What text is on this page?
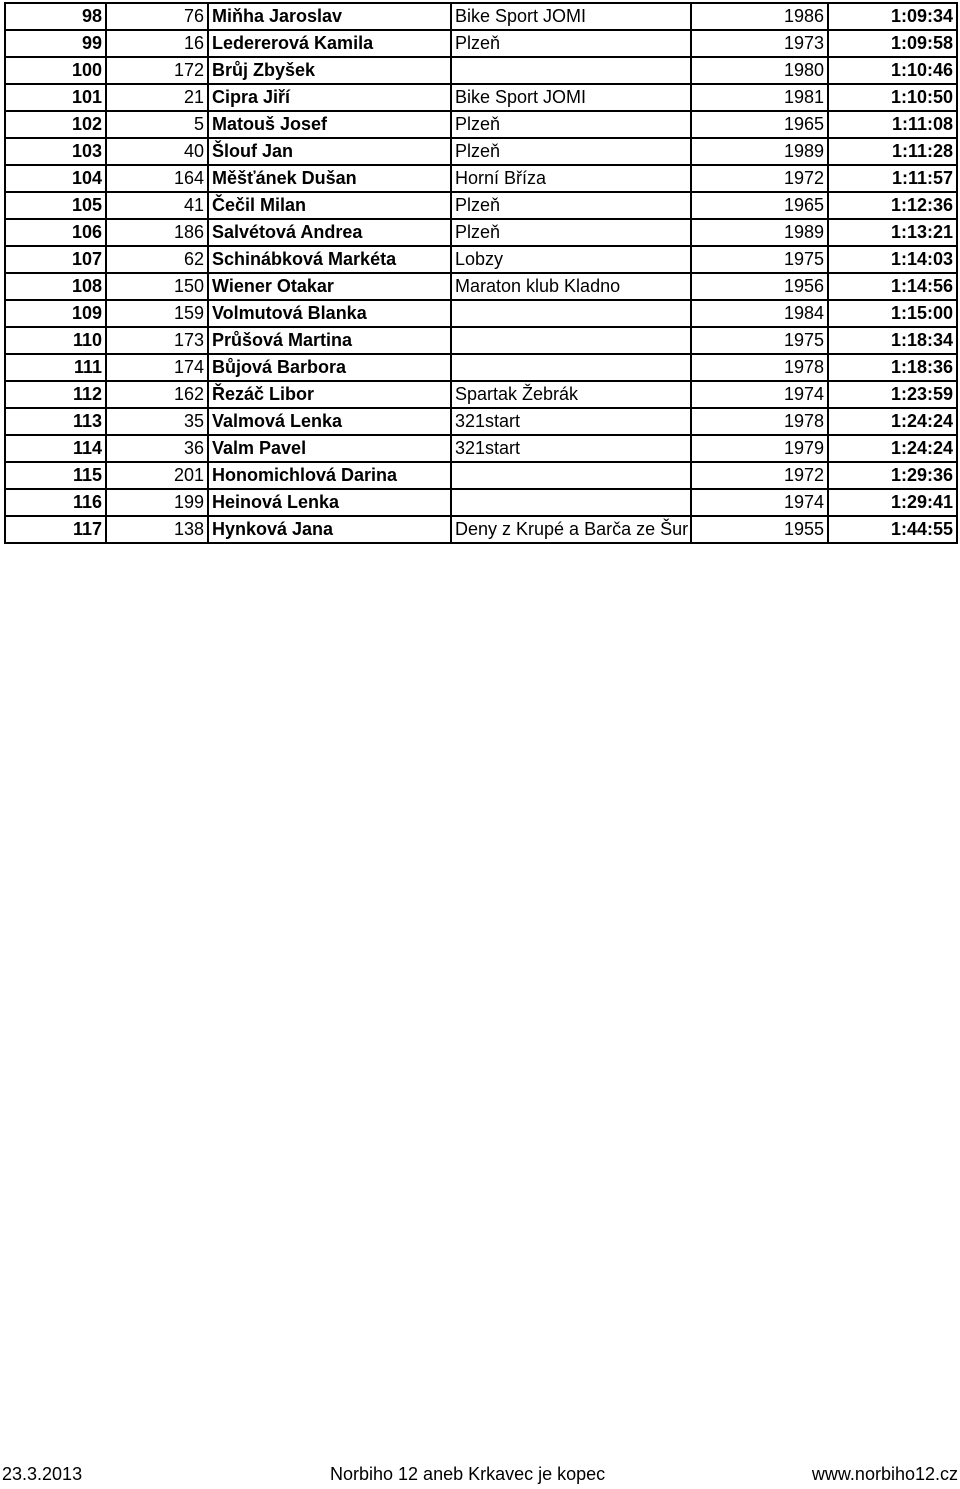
98	76	Miňha Jaroslav	Bike Sport JOMI	1986	1:09:34
99	16	Ledererová Kamila	Plzeň	1973	1:09:58
100	172	Brůj Zbyšek		1980	1:10:46
101	21	Cipra Jiří	Bike Sport JOMI	1981	1:10:50
102	5	Matouš Josef	Plzeň	1965	1:11:08
103	40	Šlouf Jan	Plzeň	1989	1:11:28
104	164	Měšťánek Dušan	Horní Bříza	1972	1:11:57
105	41	Čečil Milan	Plzeň	1965	1:12:36
106	186	Salvétová Andrea	Plzeň	1989	1:13:21
107	62	Schinábková Markéta	Lobzy	1975	1:14:03
108	150	Wiener Otakar	Maraton klub Kladno	1956	1:14:56
109	159	Volmutová Blanka		1984	1:15:00
110	173	Průšová Martina		1975	1:18:34
111	174	Bůjová Barbora		1978	1:18:36
112	162	Řezáč Libor	Spartak Žebrák	1974	1:23:59
113	35	Valmová Lenka	321start	1978	1:24:24
114	36	Valm Pavel	321start	1979	1:24:24
115	201	Honomichlová Darina		1972	1:29:36
116	199	Heinová Lenka		1974	1:29:41
117	138	Hynková Jana	Deny z Krupé a Barča ze Šur	1955	1:44:55
23.3.2013	Norbiho 12 aneb Krkavec je kopec	www.norbiho12.cz
